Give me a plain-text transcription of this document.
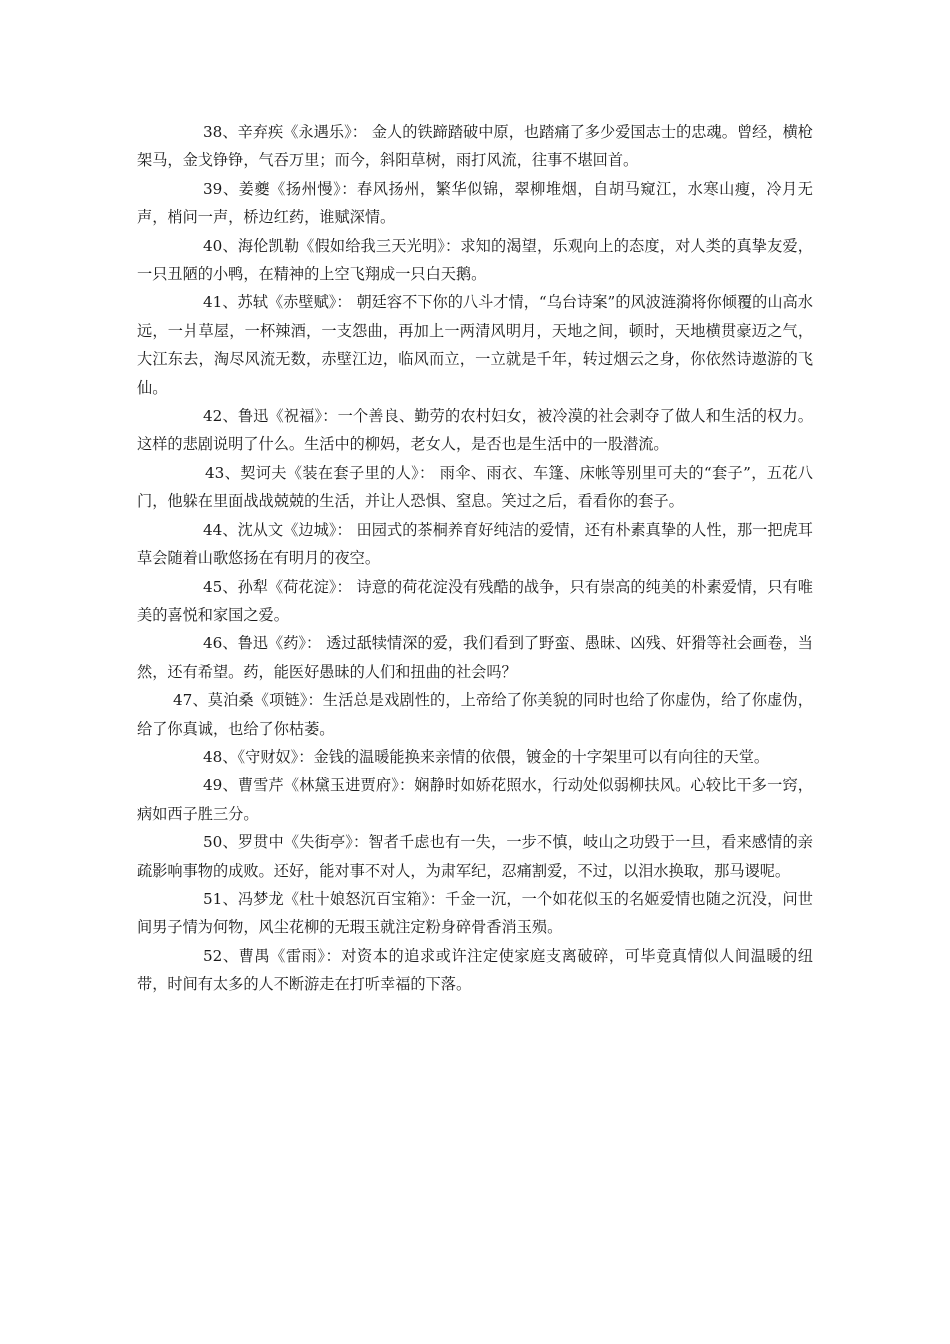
38、辛弃疾《永遇乐》： 金人的铁蹄踏破中原，也踏痛了多少爱国志士的忠魂。曾经，横枪架马，金戈铮铮，气吞万里；而今，斜阳草树，雨打风流，往事不堪回首。

39、姜夔《扬州慢》：春风扬州，繁华似锦，翠柳堆烟，自胡马窥江，水寒山瘦，冷月无声，梢问一声，桥边红药，谁赋深情。

40、海伦凯勒《假如给我三天光明》：求知的渴望，乐观向上的态度，对人类的真挚友爱，一只丑陋的小鸭，在精神的上空飞翔成一只白天鹅。

41、苏轼《赤壁赋》： 朝廷容不下你的八斗才情，“乌台诗案”的风波涟漪将你倾覆的山高水远，一爿草屋，一杯辣酒，一支怨曲，再加上一两清风明月，天地之间，顿时，天地横贯豪迈之气，大江东去，淘尽风流无数，赤壁江边，临风而立，一立就是千年，转过烟云之身，你依然诗遨游的飞仙。

42、鲁迅《祝福》：一个善良、勤劳的农村妇女，被冷漠的社会剥夺了做人和生活的权力。这样的悲剧说明了什么。生活中的柳妈，老女人，是否也是生活中的一股潜流。

43、契诃夫《装在套子里的人》： 雨伞、雨衣、车篷、床帐等别里可夫的“套子”，五花八门，他躲在里面战战兢兢的生活，并让人恐惧、窒息。笑过之后，看看你的套子。

44、沈从文《边城》： 田园式的茶桐养育好纯洁的爱情，还有朴素真挚的人性，那一把虎耳草会随着山歌悠扬在有明月的夜空。

45、孙犁《荷花淀》： 诗意的荷花淀没有残酷的战争，只有崇高的纯美的朴素爱情，只有唯美的喜悦和家国之爱。

46、鲁迅《药》： 透过舐犊情深的爱，我们看到了野蛮、愚昧、凶残、奸猾等社会画卷，当然，还有希望。药，能医好愚昧的人们和扭曲的社会吗？

47、莫泊桑《项链》：生活总是戏剧性的，上帝给了你美貌的同时也给了你虚伪，给了你虚伪，给了你真诚，也给了你枯萎。

48、《守财奴》：金钱的温暖能换来亲情的依偎，镀金的十字架里可以有向往的天堂。

49、曹雪芹《林黛玉进贾府》：娴静时如娇花照水，行动处似弱柳扶风。心较比干多一窍，病如西子胜三分。

50、罗贯中《失街亭》：智者千虑也有一失，一步不慎，岐山之功毁于一旦，看来感情的亲疏影响事物的成败。还好，能对事不对人，为肃军纪，忍痛割爱，不过，以泪水换取，那马谡呢。

51、冯梦龙《杜十娘怒沉百宝箱》：千金一沉，一个如花似玉的名姬爱情也随之沉没，问世间男子情为何物，风尘花柳的无瑕玉就注定粉身碎骨香消玉殒。

52、曹禺《雷雨》：对资本的追求或许注定使家庭支离破碎，可毕竟真情似人间温暖的纽带，时间有太多的人不断游走在打听幸福的下落。
